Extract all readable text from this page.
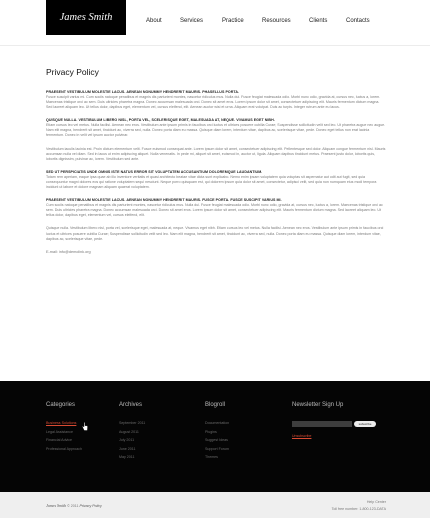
James Smith	About	Services	Practice	Resources	Clients	Contacts
Privacy Policy
PRAESENT VESTIBULUM MOLESTIE LACUS. AENEAN NONUMMY HENDRERIT MAURIS. PHASELLUS PORTA.
Fusce suscipit varius mi. Cum sociis natoque penatibus et magnis dis parturient montes, nascetur ridiculus mus. Nulla dui. Fusce feugiat malesuada odio. Morbi nunc odio, gravida at, cursus nec, luctus a, lorem. Maecenas tristique orci ac sem. Duis ultricies pharetra magna. Donec accumsan malesuada orci. Donec sit amet eros. Lorem ipsum dolor sit amet, consectetuer adipiscing elit. Mauris fermentum dictum magna. Sed laoreet aliquam leo. Ut tellus dolor, dapibus eget, elementum vel, cursus eleifend, elit. Aenean auctor wisi et urna. Aliquam erat volutpat. Duis ac turpis. Integer rutrum ante eu lacus.
QUISQUE NULLA. VESTIBULUM LIBERO NISL, PORTA VEL, SCELERISQUE EGET, MALESUADA AT, NEQUE. VIVAMUS EGET NIBH.
Etiam cursus leo vel metus. Nulla facilisi. Aenean nec eros. Vestibulum ante ipsum primis in faucibus orci luctus et ultrices posuere cubilia Curae; Suspendisse sollicitudin velit sed leo. Ut pharetra augue nec augue. Nam elit magna, hendrerit sit amet, tincidunt ac, viverra sed, nulla. Donec porta diam eu massa. Quisque diam lorem, interdum vitae, dapibus ac, scelerisque vitae, pede. Donec eget tellus non erat lacinia fermentum. Donec in velit vel ipsum auctor pulvinar.
Vestibulum iaculis lacinia est. Proin dictum elementum velit. Fusce euismod consequat ante. Lorem ipsum dolor sit amet, consectetuer adipiscing elit. Pellentesque sed dolor. Aliquam congue fermentum nisl. Mauris accumsan nulla vel diam. Sed in lacus ut enim adipiscing aliquet. Nulla venenatis. In pede mi, aliquet sit amet, euismod in, auctor ut, ligula. Aliquam dapibus tincidunt metus. Praesent justo dolor, lobortis quis, lobortis dignissim, pulvinar ac, lorem. Vestibulum sed ante.
SED UT PERSPICIATIS UNDE OMNIS ISTE NATUS ERROR SIT VOLUPTATEM ACCUSANTIUM DOLOREMQUE LAUDANTIUM.
Totam rem aperiam, eaque ipsa quae ab illo inventore veritatis et quasi architecto beatae vitae dicta sunt explicabo. Nemo enim ipsam voluptatem quia voluptas sit aspernatur aut odit aut fugit, sed quia consequuntur magni dolores eos qui ratione voluptatem sequi nesciunt. Neque porro quisquam est, qui dolorem ipsum quia dolor sit amet, consectetur, adipisci velit, sed quia non numquam eius modi tempora incidunt ut labore et dolore magnam aliquam quaerat voluptatem.
PRAESENT VESTIBULUM MOLESTIE LACUS. AENEAN NONUMMY HENDRERIT MAURIS. FUSCE PORTA. FUSCE SUSCIPIT VARIUS MI.
Cum sociis natoque penatibus et magnis dis parturient montes, nascetur ridiculus mus. Nulla dui. Fusce feugiat malesuada odio. Morbi nunc odio, gravida at, cursus nec, luctus a, lorem. Maecenas tristique orci ac sem. Duis ultricies pharetra magna. Donec accumsan malesuada orci. Donec sit amet eros. Lorem ipsum dolor sit amet, consectetuer adipiscing elit. Mauris fermentum dictum magna. Sed laoreet aliquam leo. Ut tellus dolor, dapibus eget, elementum vel, cursus eleifend, elit.
Quisque nulla. Vestibulum libero nisl, porta vel, scelerisque eget, malesuada at, neque. Vivamus eget nibh. Etiam cursus leo vel metus. Nulla facilisi. Aenean nec eros. Vestibulum ante ipsum primis in faucibus orci luctus et ultrices posuere cubilia Curae; Suspendisse sollicitudin velit sed leo. Nam elit magna, hendrerit sit amet, tincidunt ac, viverra sed, nulla. Donec porta diam eu massa. Quisque diam lorem, interdum vitae, dapibus ac, scelerisque vitae, pede.
E-mail: info@demolink.org
Categories
Business Solutions
Legal Assistance
Financial Advice
Professional Approach
Archives
September 2011
August 2011
July 2011
June 2011
May 2011
Blogroll
Documentation
Plugins
Suggest Ideas
Support Forum
Themes
Newsletter Sign Up
subscribe
Unsubscribe
James Smith © 2011 Privacy Policy
Help Center
Toll free number: 1-800-123-DATA
